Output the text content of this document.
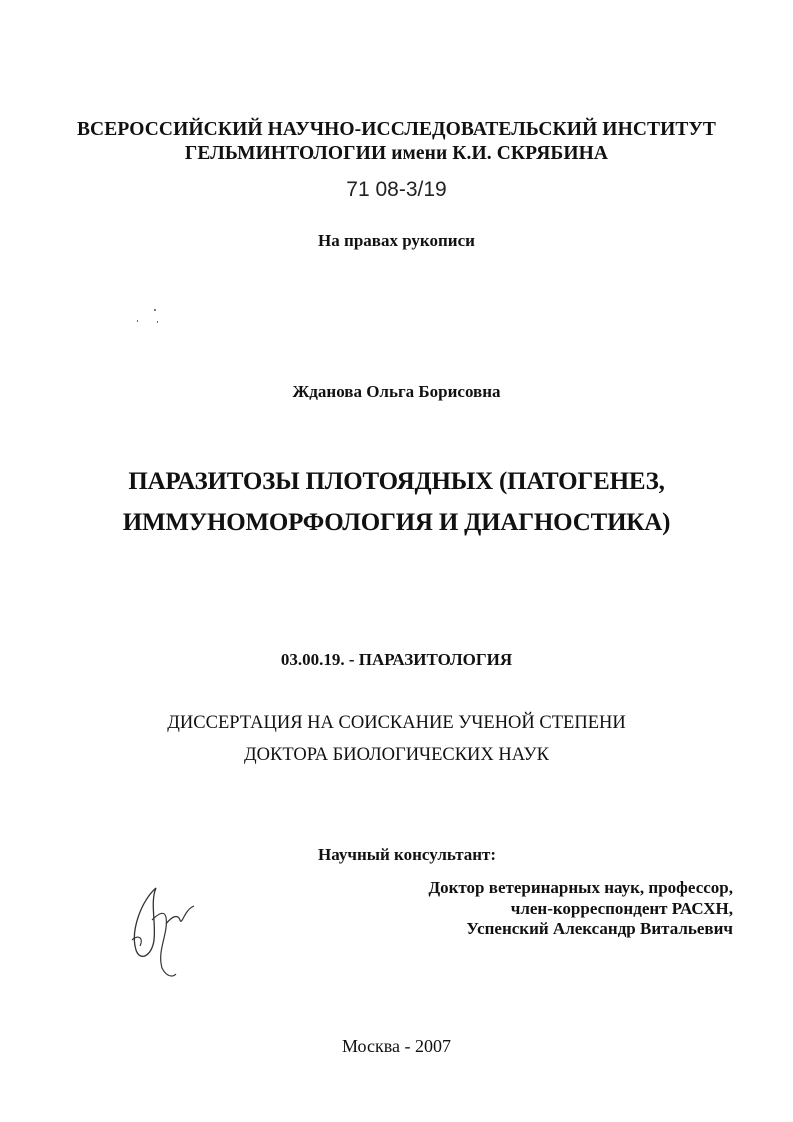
ВСЕРОССИЙСКИЙ НАУЧНО-ИССЛЕДОВАТЕЛЬСКИЙ ИНСТИТУТ
ГЕЛЬМИНТОЛОГИИ имени К.И. СКРЯБИНА
71 08-3/19
На правах рукописи
Жданова Ольга Борисовна
ПАРАЗИТОЗЫ ПЛОТОЯДНЫХ (ПАТОГЕНЕЗ,
ИММУНОМОРФОЛОГИЯ И ДИАГНОСТИКА)
03.00.19. - ПАРАЗИТОЛОГИЯ
ДИССЕРТАЦИЯ НА СОИСКАНИЕ УЧЕНОЙ СТЕПЕНИ
ДОКТОРА БИОЛОГИЧЕСКИХ НАУК
Научный консультант:
Доктор ветеринарных наук, профессор,
член-корреспондент РАСХН,
Успенский Александр Витальевич
Москва - 2007
